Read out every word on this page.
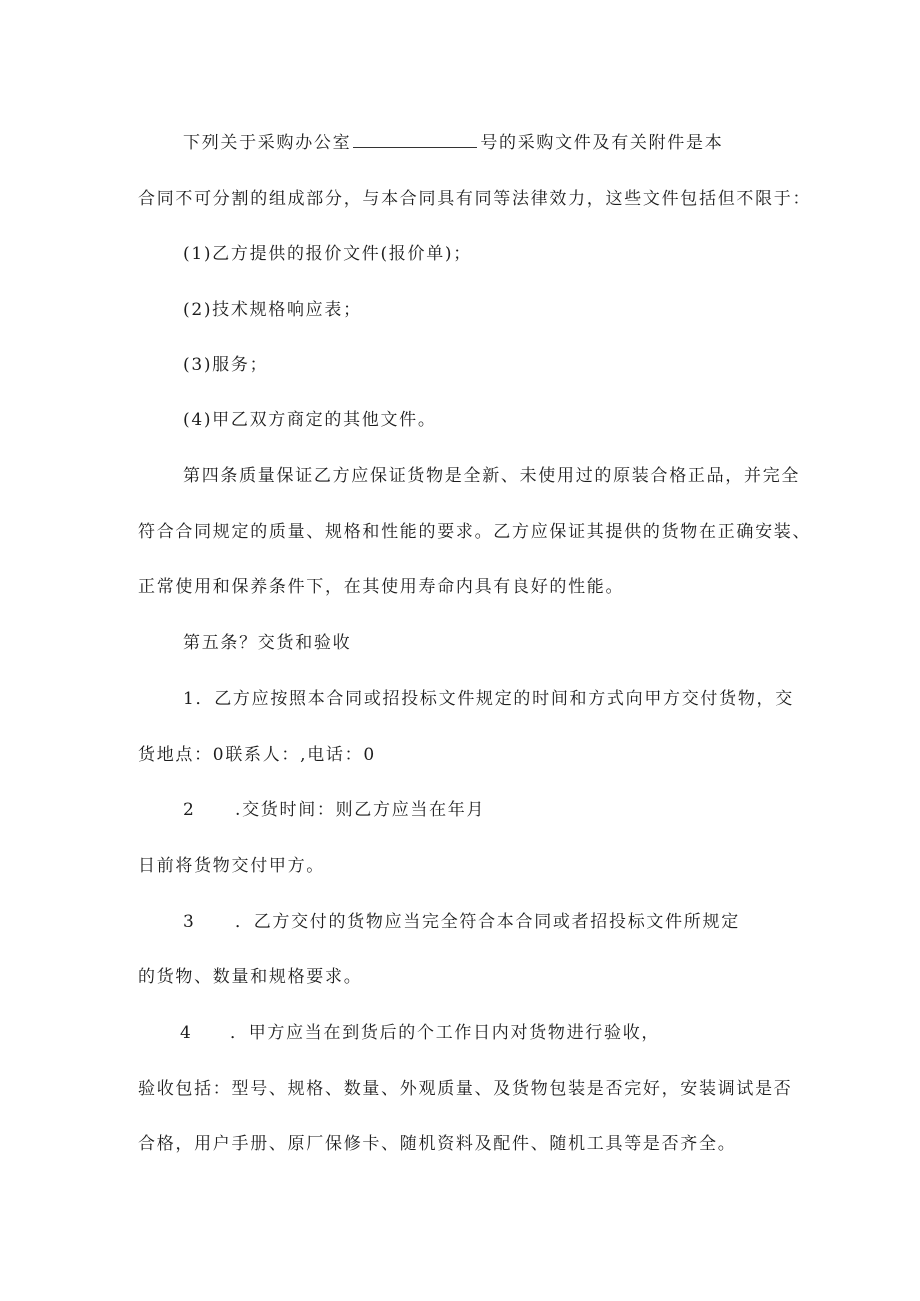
下列关于采购办公室	号的采购文件及有关附件是本
合同不可分割的组成部分，与本合同具有同等法律效力，这些文件包括但不限于：
(1)乙方提供的报价文件(报价单)；
(2)技术规格响应表；
(3)服务；
(4)甲乙双方商定的其他文件。
第四条质量保证乙方应保证货物是全新、未使用过的原装合格正品，并完全
符合合同规定的质量、规格和性能的要求。乙方应保证其提供的货物在正确安装、
正常使用和保养条件下，在其使用寿命内具有良好的性能。
第五条？交货和验收
1．乙方应按照本合同或招投标文件规定的时间和方式向甲方交付货物，交
货地点：0联系人：,电话：0
2 .交货时间：则乙方应当在年月
日前将货物交付甲方。
3 ．乙方交付的货物应当完全符合本合同或者招投标文件所规定
的货物、数量和规格要求。
4 ．甲方应当在到货后的个工作日内对货物进行验收，
验收包括：型号、规格、数量、外观质量、及货物包装是否完好，安装调试是否
合格，用户手册、原厂保修卡、随机资料及配件、随机工具等是否齐全。
